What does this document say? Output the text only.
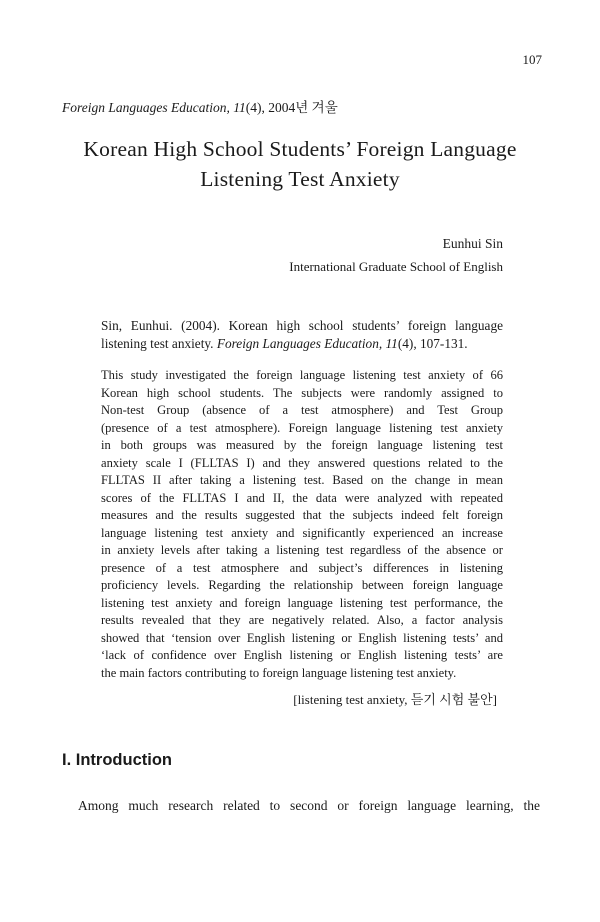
107
Foreign Languages Education, 11(4), 2004년 겨울
Korean High School Students’ Foreign Language
Listening Test Anxiety
Eunhui Sin
International Graduate School of English
Sin, Eunhui. (2004). Korean high school students’ foreign language listening test anxiety. Foreign Languages Education, 11(4), 107-131.
This study investigated the foreign language listening test anxiety of 66
Korean high school students. The subjects were randomly assigned to
Non-test Group (absence of a test atmosphere) and Test Group
(presence of a test atmosphere). Foreign language listening test anxiety
in both groups was measured by the foreign language listening test
anxiety scale I (FLLTAS I) and they answered questions related to the
FLLTAS II after taking a listening test. Based on the change in mean
scores of the FLLTAS I and II, the data were analyzed with repeated
measures and the results suggested that the subjects indeed felt foreign
language listening test anxiety and significantly experienced an increase
in anxiety levels after taking a listening test regardless of the absence or
presence of a test atmosphere and subject’s differences in listening
proficiency levels. Regarding the relationship between foreign language
listening test anxiety and foreign language listening test performance, the
results revealed that they are negatively related. Also, a factor analysis
showed that ‘tension over English listening or English listening tests’ and
‘lack of confidence over English listening or English listening tests’ are
the main factors contributing to foreign language listening test anxiety.
[listening test anxiety, 듣기 시험 불안]
I. Introduction
Among much research related to second or foreign language learning, the
